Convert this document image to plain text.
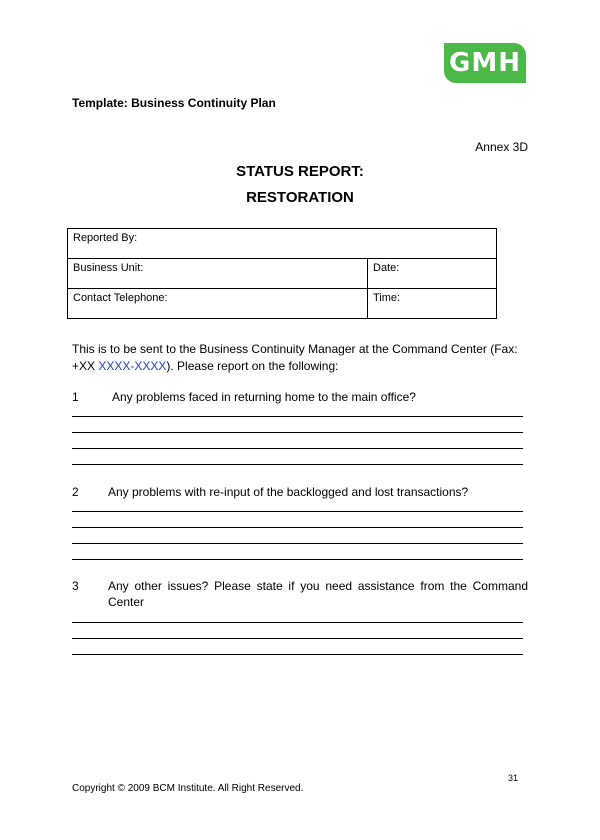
GMH
Template: Business Continuity Plan
Annex 3D
STATUS REPORT:
RESTORATION
Reported By:	
Business Unit:	Date:
Contact Telephone:	Time:
This is to be sent to the Business Continuity Manager at the Command Center (Fax: +XX XXXX-XXXX). Please report on the following:
1	Any problems faced in returning home to the main office?
2 Any problems with re-input of the backlogged and lost transactions?
3 Any other issues? Please state if you need assistance from the Command Center
31
Copyright © 2009 BCM Institute. All Right Reserved.
